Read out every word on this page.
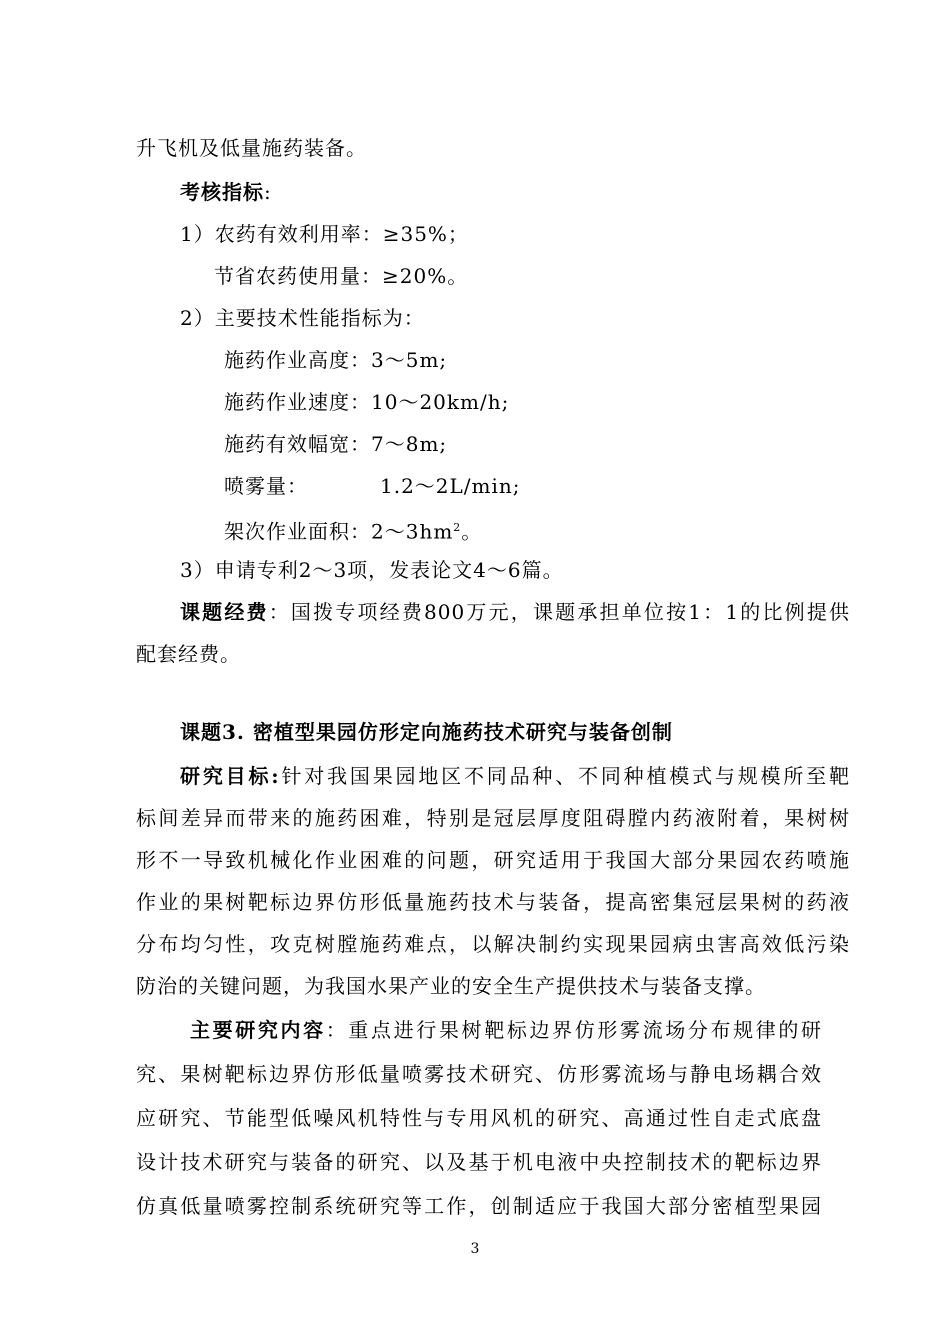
升飞机及低量施药装备。
考核指标:
1）农药有效利用率：≥35%；
节省农药使用量：≥20%。
2）主要技术性能指标为：
施药作业高度：3～5m;
施药作业速度：10～20km/h;
施药有效幅宽：7～8m;
喷雾量：	1.2～2L/min;
架次作业面积：$2\sim 3hm^2$。
3）申请专利2～3项，发表论文4～6篇。
课题经费：国拨专项经费800万元，课题承担单位按1：1的比例提供
配套经费。
课题3. 密植型果园仿形定向施药技术研究与装备创制
研究目标:针对我国果园地区不同品种、不同种植模式与规模所至靶
标间差异而带来的施药困难，特别是冠层厚度阻碍膛内药液附着，果树树
形不一导致机械化作业困难的问题，研究适用于我国大部分果园农药喷施
作业的果树靶标边界仿形低量施药技术与装备，提高密集冠层果树的药液
分布均匀性，攻克树膛施药难点，以解决制约实现果园病虫害高效低污染
防治的关键问题，为我国水果产业的安全生产提供技术与装备支撑。
主要研究内容：重点进行果树靶标边界仿形雾流场分布规律的研
究、果树靶标边界仿形低量喷雾技术研究、仿形雾流场与静电场耦合效
应研究、节能型低噪风机特性与专用风机的研究、高通过性自走式底盘
设计技术研究与装备的研究、以及基于机电液中央控制技术的靶标边界
仿真低量喷雾控制系统研究等工作，创制适应于我国大部分密植型果园
3
